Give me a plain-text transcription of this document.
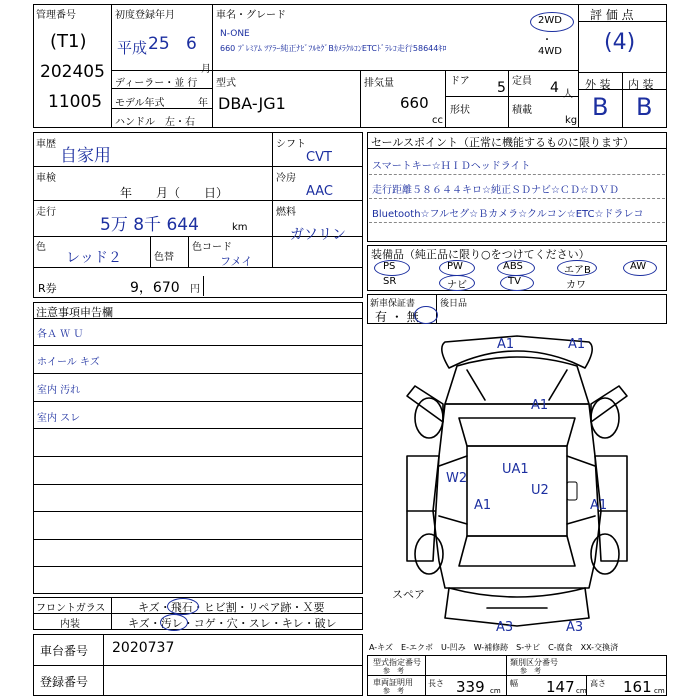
管理番号
(T1)
202405
11005
初度登録年月
平成 25 6
月
車名・グレード
N-ONE
660 ﾌﾟﾚﾐｱﾑ ﾂｱﾗｰ純正ﾅﾋﾞﾌﾙｾｸﾞBｶﾒﾗｸﾙｺﾝETCﾄﾞﾗﾚｺ走行58644ｷﾛ
2WD
・
4WD
評 価 点
(4)
ディーラー・並 行
モデル年式	年
ハンドル　左・右
型式
DBA-JG1
排気量
660
cc
ドア 5
形状
定員 4 人
積載
kg
外 装 内 装
B B
車歴
自家用
シフト
CVT
車検
年　　月（　　日）
冷房
AAC
走行
5万 8千 644	km
燃料
ガソリン
色
レッド２	色替
色コード
フメイ
R券	9，670 円
セールスポイント（正常に機能するものに限ります）
スマートキー☆ＨＩＤヘッドライト
走行距離５８６４４キロ☆純正ＳＤナビ☆ＣＤ☆ＤＶＤ
Bluetooth☆フルセグ☆Ｂカメラ☆クルコン☆ETC☆ドラレコ
装備品（純正品に限り○をつけてください）
PS	PW	ABS	エアB	AW
SR	ナビ	TV	カワ
新車保証書
有 ・ 無
後日品
注意事項申告欄
各Ａ Ｗ Ｕ
ホイール キズ
室内 汚れ
室内 スレ
A1	A1
A1
W2
UA1
U2
A1	A1
A3	A3
スペア
フロントガラス	キズ・飛石・ヒビ割・リペア跡・Ｘ要
内装	キズ・汚レ・コゲ・穴・スレ・キレ・破レ
車台番号 2020737
登録番号
A-キズ　E-エクボ　U-凹み　W-補修跡　S-サビ　C-腐食　XX-交換済
型式指定番号
参　考
類別区分番号
参　考
車両証明用
参　考
長さ 339 cm
幅 147 cm
高さ 161 cm
